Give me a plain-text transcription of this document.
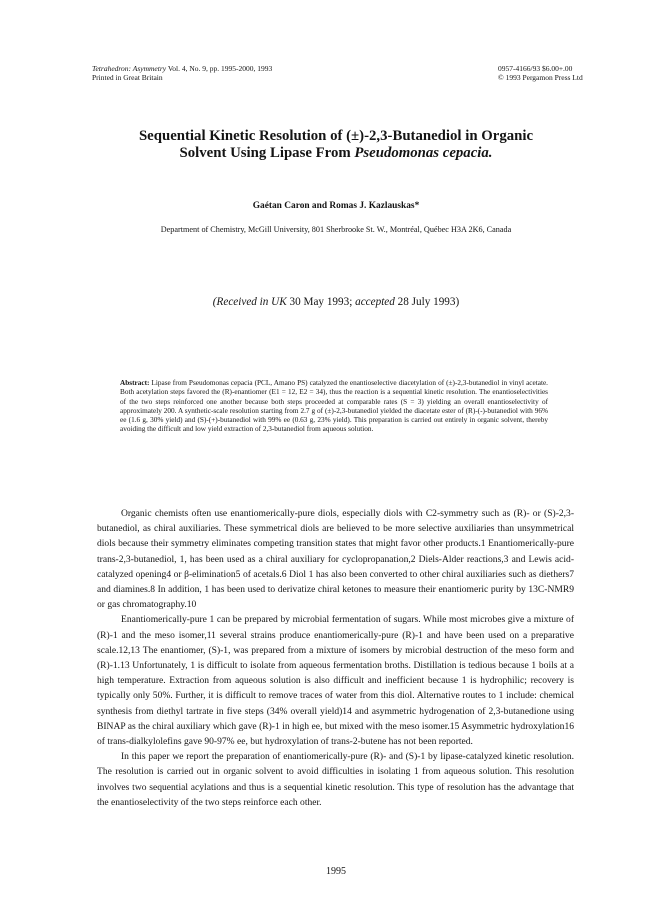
Tetrahedron: Asymmetry Vol. 4, No. 9, pp. 1995-2000, 1993
Printed in Great Britain
0957-4166/93 $6.00+.00
© 1993 Pergamon Press Ltd
Sequential Kinetic Resolution of (±)-2,3-Butanediol in Organic
Solvent Using Lipase From Pseudomonas cepacia.
Gaétan Caron and Romas J. Kazlauskas*
Department of Chemistry, McGill University, 801 Sherbrooke St. W., Montréal, Québec H3A 2K6, Canada
(Received in UK 30 May 1993; accepted 28 July 1993)
Abstract: Lipase from Pseudomonas cepacia (PCL, Amano PS) catalyzed the enantioselective diacetylation of (±)-2,3-butanediol in vinyl acetate. Both acetylation steps favored the (R)-enantiomer (E1 = 12, E2 = 34), thus the reaction is a sequential kinetic resolution. The enantioselectivities of the two steps reinforced one another because both steps proceeded at comparable rates (S = 3) yielding an overall enantioselectivity of approximately 200. A synthetic-scale resolution starting from 2.7 g of (±)-2,3-butanediol yielded the diacetate ester of (R)-(-)-butanediol with 96% ee (1.6 g, 30% yield) and (S)-(+)-butanediol with 99% ee (0.63 g, 23% yield). This preparation is carried out entirely in organic solvent, thereby avoiding the difficult and low yield extraction of 2,3-butanediol from aqueous solution.

Organic chemists often use enantiomerically-pure diols, especially diols with C2-symmetry such as (R)- or (S)-2,3-butanediol, as chiral auxiliaries. These symmetrical diols are believed to be more selective auxiliaries than unsymmetrical diols because their symmetry eliminates competing transition states that might favor other products.1 Enantiomerically-pure trans-2,3-butanediol, 1, has been used as a chiral auxiliary for cyclopropanation,2 Diels-Alder reactions,3 and Lewis acid-catalyzed opening4 or β-elimination5 of acetals.6 Diol 1 has also been converted to other chiral auxiliaries such as diethers7 and diamines.8 In addition, 1 has been used to derivatize chiral ketones to measure their enantiomeric purity by 13C-NMR9 or gas chromatography.10

Enantiomerically-pure 1 can be prepared by microbial fermentation of sugars. While most microbes give a mixture of (R)-1 and the meso isomer,11 several strains produce enantiomerically-pure (R)-1 and have been used on a preparative scale.12,13 The enantiomer, (S)-1, was prepared from a mixture of isomers by microbial destruction of the meso form and (R)-1.13 Unfortunately, 1 is difficult to isolate from aqueous fermentation broths. Distillation is tedious because 1 boils at a high temperature. Extraction from aqueous solution is also difficult and inefficient because 1 is hydrophilic; recovery is typically only 50%. Further, it is difficult to remove traces of water from this diol. Alternative routes to 1 include: chemical synthesis from diethyl tartrate in five steps (34% overall yield)14 and asymmetric hydrogenation of 2,3-butanedione using BINAP as the chiral auxiliary which gave (R)-1 in high ee, but mixed with the meso isomer.15 Asymmetric hydroxylation16 of trans-dialkylolefins gave 90-97% ee, but hydroxylation of trans-2-butene has not been reported.

In this paper we report the preparation of enantiomerically-pure (R)- and (S)-1 by lipase-catalyzed kinetic resolution. The resolution is carried out in organic solvent to avoid difficulties in isolating 1 from aqueous solution. This resolution involves two sequential acylations and thus is a sequential kinetic resolution. This type of resolution has the advantage that the enantioselectivity of the two steps reinforce each other.

1995
